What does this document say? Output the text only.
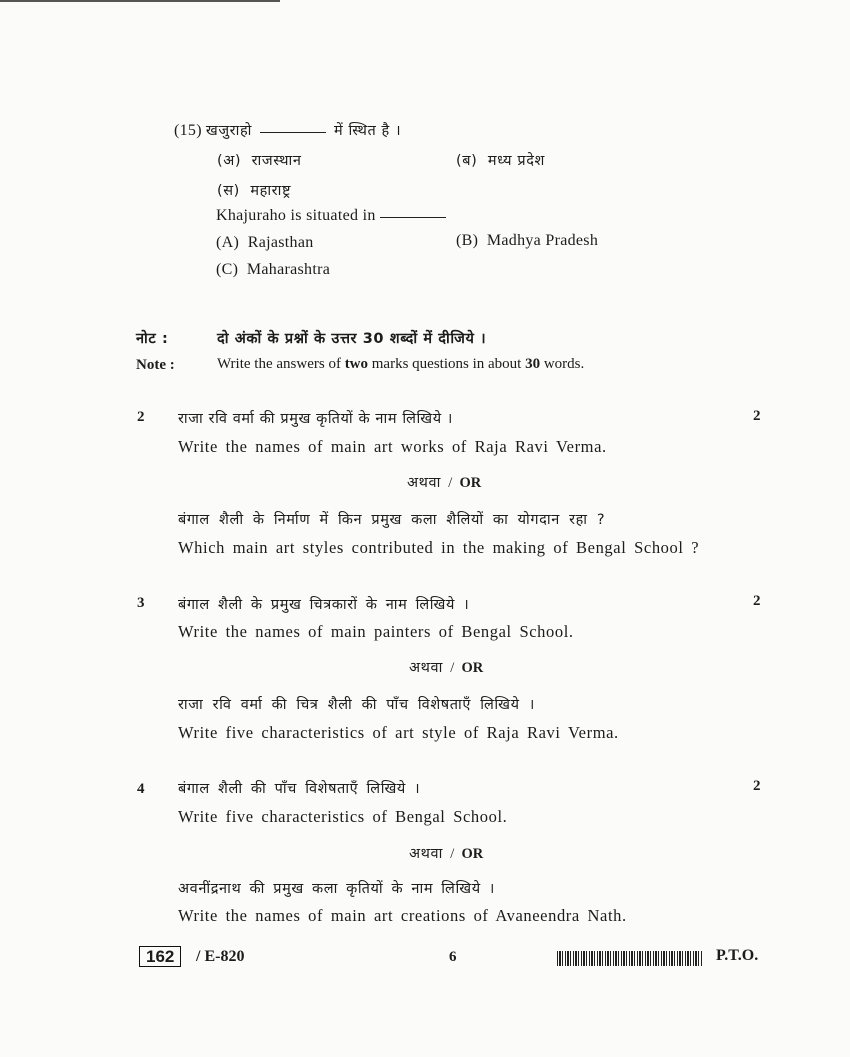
(15) खजुराहो	में स्थित है ।
(अ) राजस्थान	(ब) मध्य प्रदेश
(स) महाराष्ट्र
Khajuraho is situated in
(A) Rajasthan	(B) Madhya Pradesh
(C) Maharashtra
नोट :	दो अंकों के प्रश्नों के उत्तर 30 शब्दों में दीजिये ।
Note :	Write the answers of two marks questions in about 30 words.
2 राजा रवि वर्मा की प्रमुख कृतियों के नाम लिखिये ।	2
Write the names of main art works of Raja Ravi Verma.
अथवा / OR
बंगाल शैली के निर्माण में किन प्रमुख कला शैलियों का योगदान रहा ?
Which main art styles contributed in the making of Bengal School ?
3 बंगाल शैली के प्रमुख चित्रकारों के नाम लिखिये ।	2
Write the names of main painters of Bengal School.
अथवा / OR
राजा रवि वर्मा की चित्र शैली की पाँच विशेषताएँ लिखिये ।
Write five characteristics of art style of Raja Ravi Verma.
4 बंगाल शैली की पाँच विशेषताएँ लिखिये ।	2
Write five characteristics of Bengal School.
अथवा / OR
अवनींद्रनाथ की प्रमुख कला कृतियों के नाम लिखिये ।
Write the names of main art creations of Avaneendra Nath.
162	/ E-820	6	P.T.O.
